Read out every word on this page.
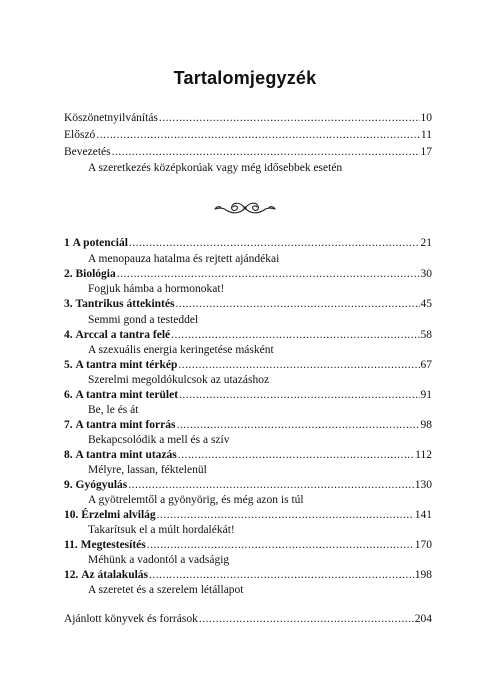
Tartalomjegyzék
Köszönetnyilvánítás .....	10
Előszó .....	11
Bevezetés .....	17
A szeretkezés középkorúak vagy még idősebbek esetén
1 A potenciál .....	21
A menopauza hatalma és rejtett ajándékai
2. Biológia .....	30
Fogjuk hámba a hormonokat!
3. Tantrikus áttekintés .....	45
Semmi gond a testeddel
4. Arccal a tantra felé .....	58
A szexuális energia keringetése másként
5. A tantra mint térkép .....	67
Szerelmi megoldókulcsok az utazáshoz
6. A tantra mint terület .....	91
Be, le és át
7. A tantra mint forrás .....	98
Bekapcsolódik a mell és a szív
8. A tantra mint utazás .....	112
Mélyre, lassan, féktelenül
9. Gyógyulás .....	130
A gyötrelemtől a gyönyörig, és még azon is túl
10. Érzelmi alvilág .....	141
Takarítsuk el a múlt hordalékát!
11. Megtestesítés .....	170
Méhünk a vadontól a vadságig
12. Az átalakulás .....	198
A szeretet és a szerelem létállapot
Ajánlott könyvek és források .....	204
